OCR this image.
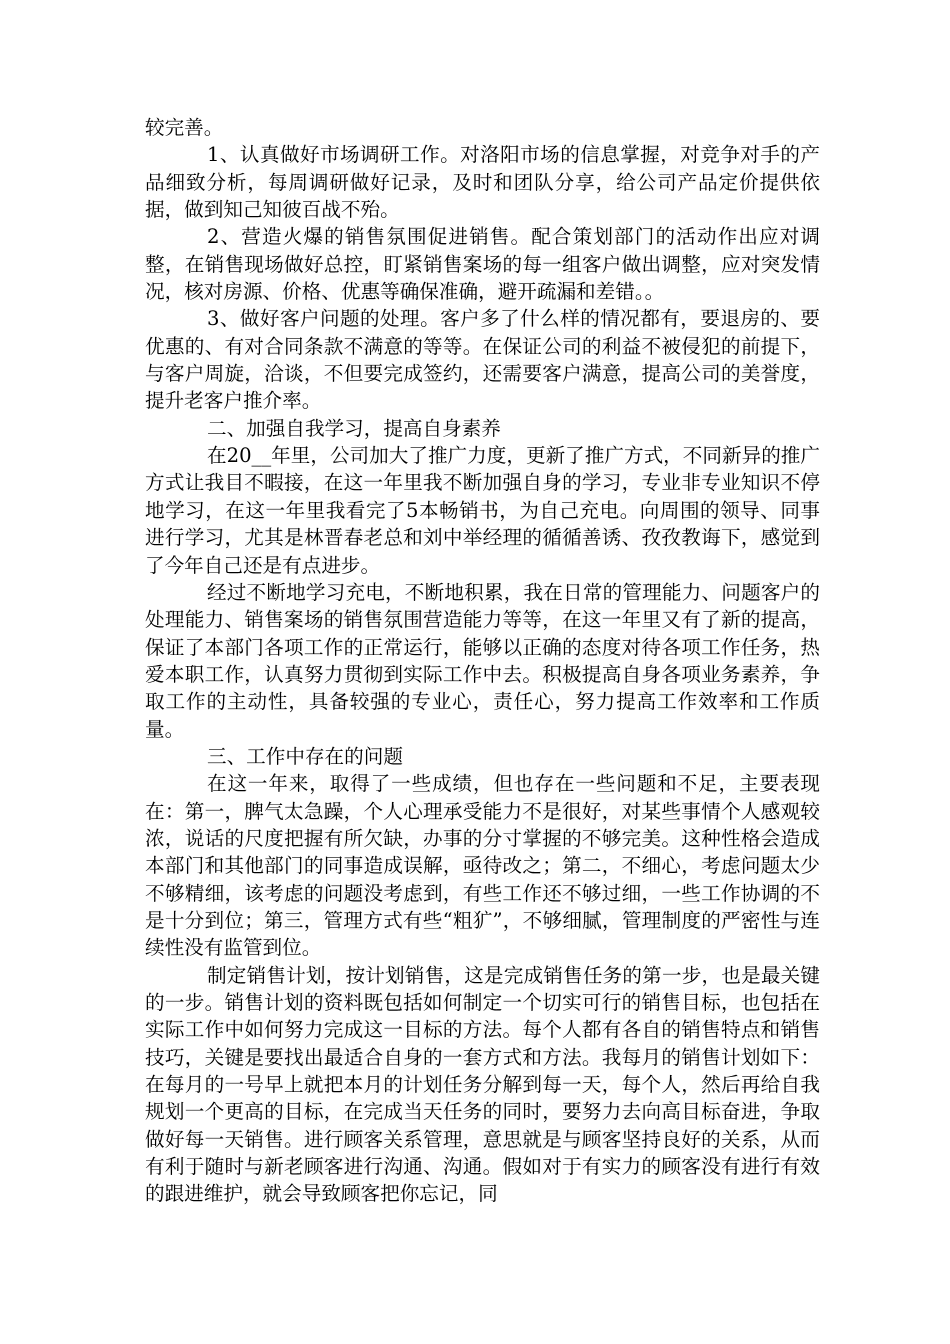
较完善。

1、认真做好市场调研工作。对洛阳市场的信息掌握，对竞争对手的产品细致分析，每周调研做好记录，及时和团队分享，给公司产品定价提供依据，做到知己知彼百战不殆。

2、营造火爆的销售氛围促进销售。配合策划部门的活动作出应对调整，在销售现场做好总控，盯紧销售案场的每一组客户做出调整，应对突发情况，核对房源、价格、优惠等确保准确，避开疏漏和差错。。

3、做好客户问题的处理。客户多了什么样的情况都有，要退房的、要优惠的、有对合同条款不满意的等等。在保证公司的利益不被侵犯的前提下，与客户周旋，洽谈，不但要完成签约，还需要客户满意，提高公司的美誉度，提升老客户推介率。

二、加强自我学习，提高自身素养

在20__年里，公司加大了推广力度，更新了推广方式，不同新异的推广方式让我目不暇接，在这一年里我不断加强自身的学习，专业非专业知识不停地学习，在这一年里我看完了5本畅销书，为自己充电。向周围的领导、同事进行学习，尤其是林晋春老总和刘中举经理的循循善诱、孜孜教诲下，感觉到了今年自己还是有点进步。

经过不断地学习充电，不断地积累，我在日常的管理能力、问题客户的处理能力、销售案场的销售氛围营造能力等等，在这一年里又有了新的提高，保证了本部门各项工作的正常运行，能够以正确的态度对待各项工作任务，热爱本职工作，认真努力贯彻到实际工作中去。积极提高自身各项业务素养，争取工作的主动性，具备较强的专业心，责任心，努力提高工作效率和工作质量。

三、工作中存在的问题

在这一年来，取得了一些成绩，但也存在一些问题和不足，主要表现在：第一，脾气太急躁，个人心理承受能力不是很好，对某些事情个人感观较浓，说话的尺度把握有所欠缺，办事的分寸掌握的不够完美。这种性格会造成本部门和其他部门的同事造成误解，亟待改之；第二，不细心，考虑问题太少不够精细，该考虑的问题没考虑到，有些工作还不够过细，一些工作协调的不是十分到位；第三，管理方式有些“粗犷”，不够细腻，管理制度的严密性与连续性没有监管到位。

制定销售计划，按计划销售，这是完成销售任务的第一步，也是最关键的一步。销售计划的资料既包括如何制定一个切实可行的销售目标，也包括在实际工作中如何努力完成这一目标的方法。每个人都有各自的销售特点和销售技巧，关键是要找出最适合自身的一套方式和方法。我每月的销售计划如下：在每月的一号早上就把本月的计划任务分解到每一天，每个人，然后再给自我规划一个更高的目标，在完成当天任务的同时，要努力去向高目标奋进，争取做好每一天销售。进行顾客关系管理，意思就是与顾客坚持良好的关系，从而有利于随时与新老顾客进行沟通、沟通。假如对于有实力的顾客没有进行有效的跟进维护，就会导致顾客把你忘记，同
